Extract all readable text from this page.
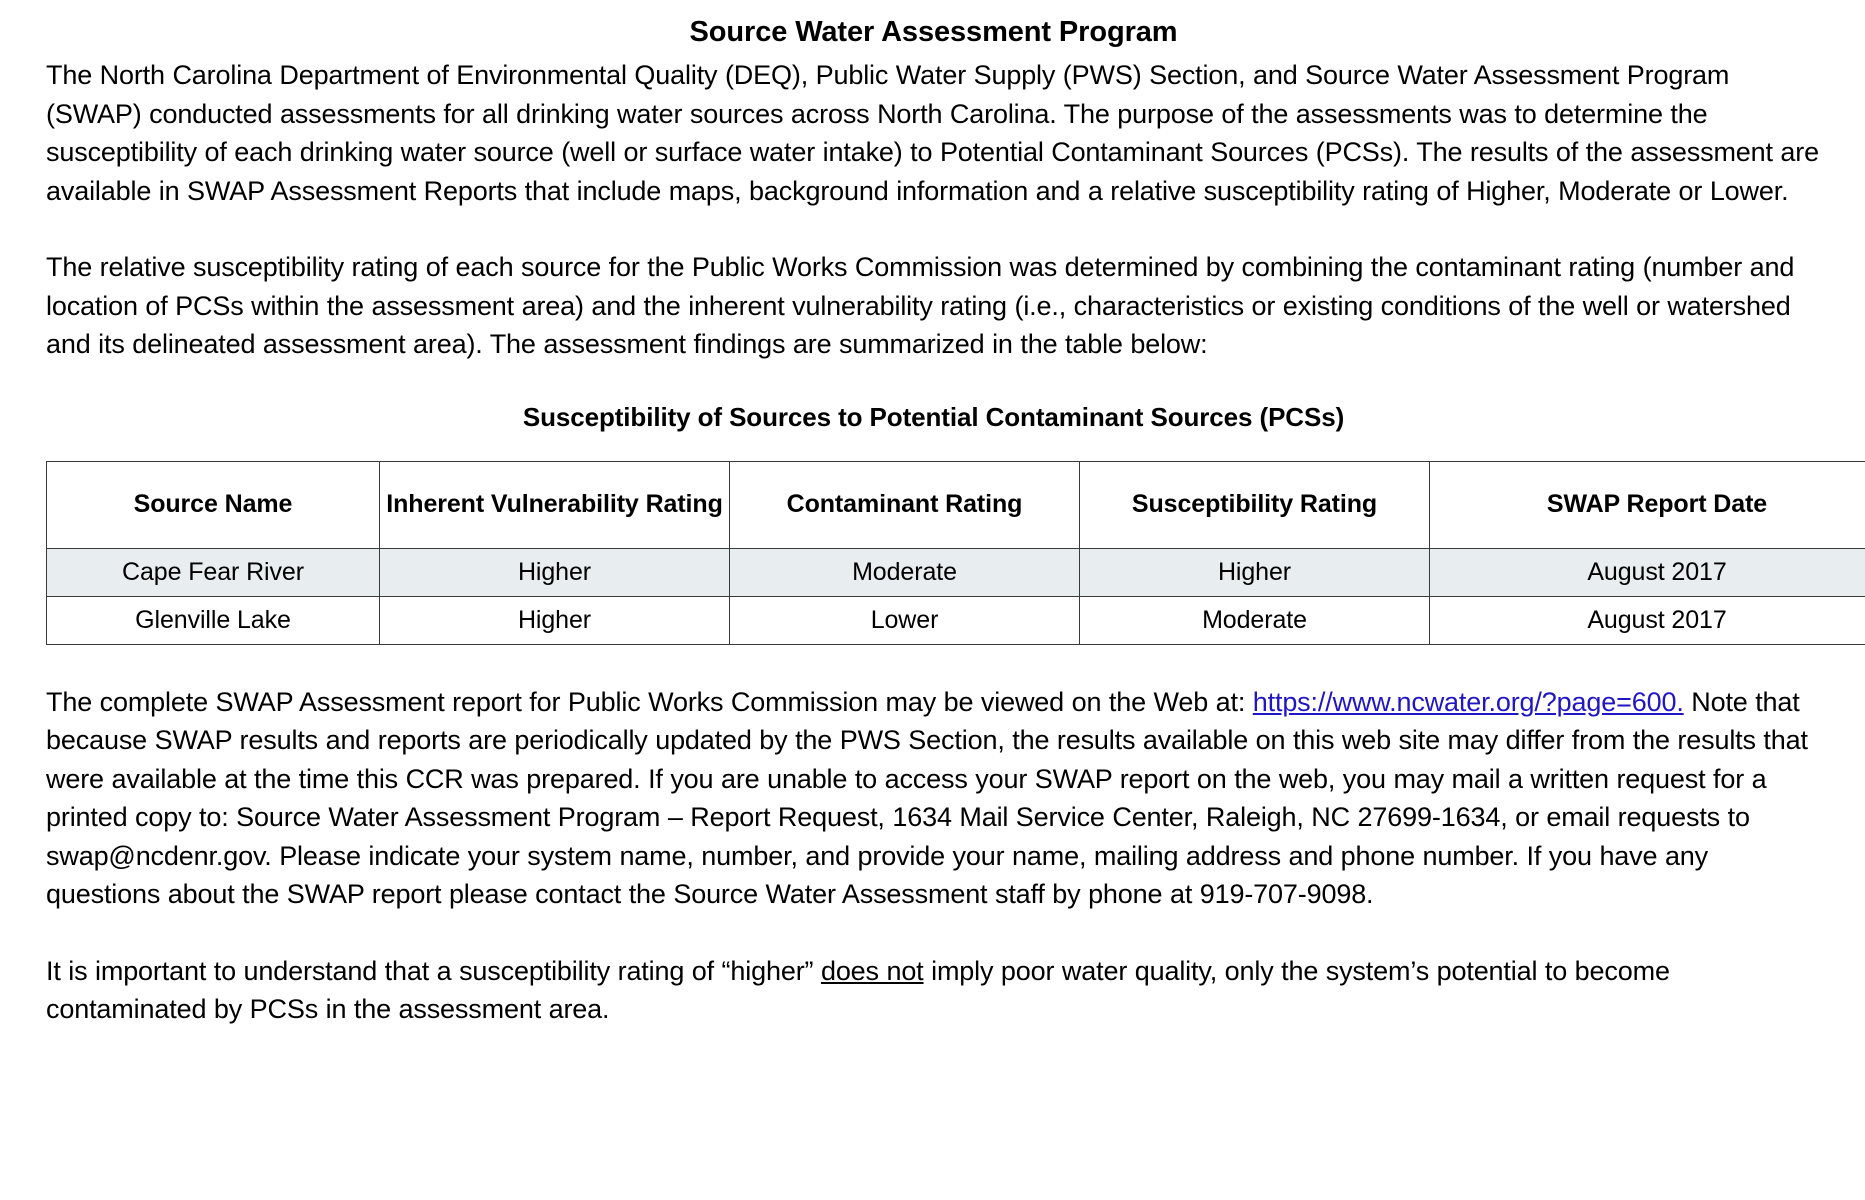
Source Water Assessment Program

The North Carolina Department of Environmental Quality (DEQ), Public Water Supply (PWS) Section, and Source Water Assessment Program (SWAP) conducted assessments for all drinking water sources across North Carolina. The purpose of the assessments was to determine the susceptibility of each drinking water source (well or surface water intake) to Potential Contaminant Sources (PCSs). The results of the assessment are available in SWAP Assessment Reports that include maps, background information and a relative susceptibility rating of Higher, Moderate or Lower.

The relative susceptibility rating of each source for the Public Works Commission was determined by combining the contaminant rating (number and location of PCSs within the assessment area) and the inherent vulnerability rating (i.e., characteristics or existing conditions of the well or watershed and its delineated assessment area). The assessment findings are summarized in the table below:

Susceptibility of Sources to Potential Contaminant Sources (PCSs)

Source Name	Inherent Vulnerability Rating	Contaminant Rating	Susceptibility Rating	SWAP Report Date
Cape Fear River	Higher	Moderate	Higher	August 2017
Glenville Lake	Higher	Lower	Moderate	August 2017

The complete SWAP Assessment report for Public Works Commission may be viewed on the Web at: https://www.ncwater.org/?page=600. Note that because SWAP results and reports are periodically updated by the PWS Section, the results available on this web site may differ from the results that were available at the time this CCR was prepared. If you are unable to access your SWAP report on the web, you may mail a written request for a printed copy to: Source Water Assessment Program – Report Request, 1634 Mail Service Center, Raleigh, NC 27699-1634, or email requests to swap@ncdenr.gov. Please indicate your system name, number, and provide your name, mailing address and phone number. If you have any questions about the SWAP report please contact the Source Water Assessment staff by phone at 919-707-9098.

It is important to understand that a susceptibility rating of “higher” does not imply poor water quality, only the system’s potential to become contaminated by PCSs in the assessment area.
